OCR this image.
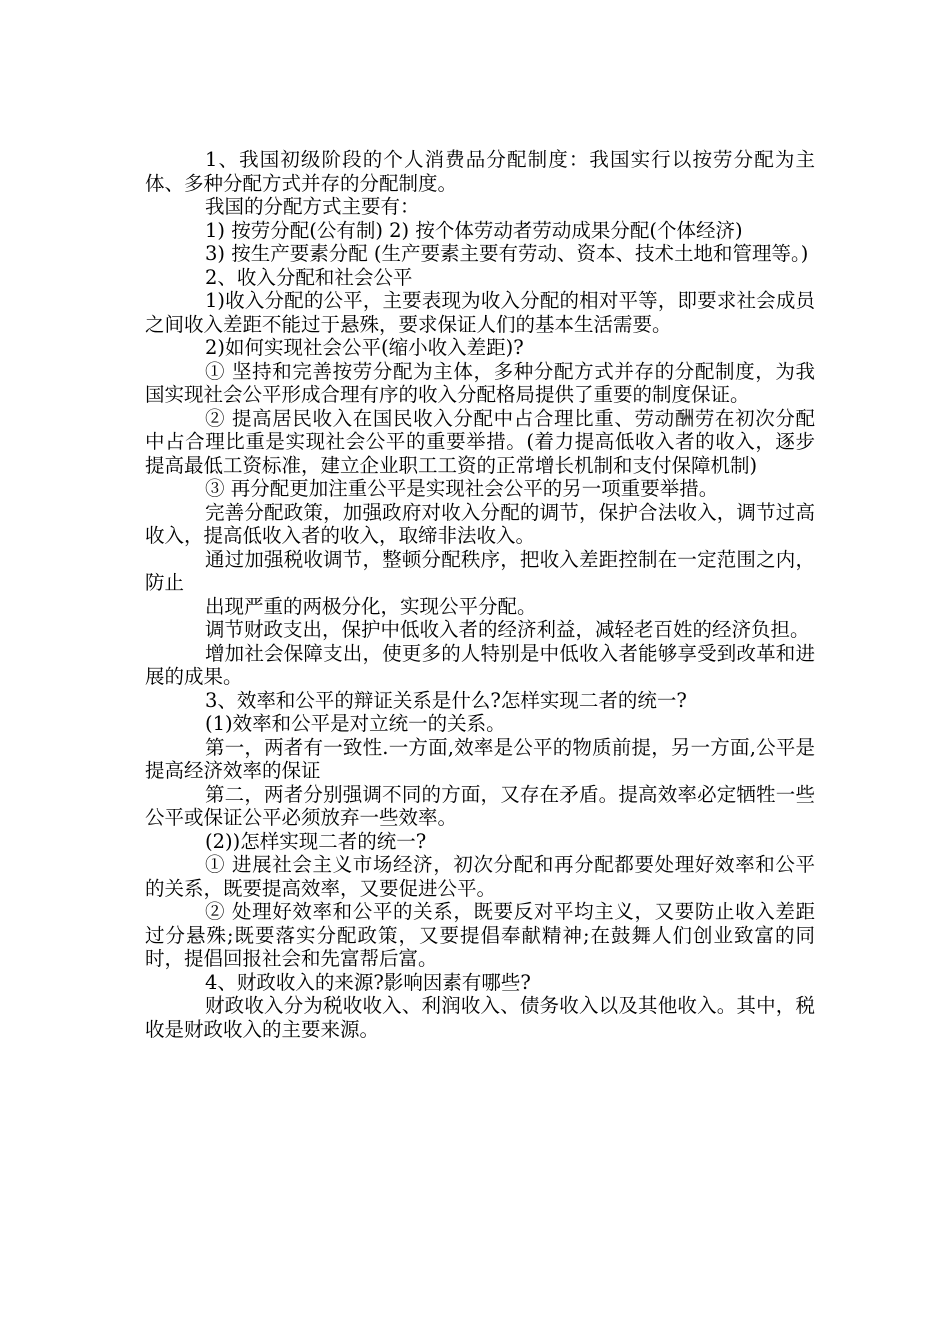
1、我国初级阶段的个人消费品分配制度：我国实行以按劳分配为主体、多种分配方式并存的分配制度。

我国的分配方式主要有：

1) 按劳分配(公有制) 2) 按个体劳动者劳动成果分配(个体经济)

3) 按生产要素分配 (生产要素主要有劳动、资本、技术土地和管理等。)

2、收入分配和社会公平

1)收入分配的公平，主要表现为收入分配的相对平等，即要求社会成员之间收入差距不能过于悬殊，要求保证人们的基本生活需要。

2)如何实现社会公平(缩小收入差距)?

① 坚持和完善按劳分配为主体，多种分配方式并存的分配制度，为我国实现社会公平形成合理有序的收入分配格局提供了重要的制度保证。

② 提高居民收入在国民收入分配中占合理比重、劳动酬劳在初次分配中占合理比重是实现社会公平的重要举措。(着力提高低收入者的收入，逐步提高最低工资标准，建立企业职工工资的正常增长机制和支付保障机制)

③ 再分配更加注重公平是实现社会公平的另一项重要举措。

完善分配政策，加强政府对收入分配的调节，保护合法收入，调节过高收入，提高低收入者的收入，取缔非法收入。

通过加强税收调节，整顿分配秩序，把收入差距控制在一定范围之内，防止

出现严重的两极分化，实现公平分配。

调节财政支出，保护中低收入者的经济利益，减轻老百姓的经济负担。

增加社会保障支出，使更多的人特别是中低收入者能够享受到改革和进展的成果。

3、效率和公平的辩证关系是什么?怎样实现二者的统一?

(1)效率和公平是对立统一的关系。

第一，两者有一致性.一方面,效率是公平的物质前提，另一方面,公平是提高经济效率的保证

第二，两者分别强调不同的方面，又存在矛盾。提高效率必定牺牲一些公平或保证公平必须放弃一些效率。

(2))怎样实现二者的统一?

① 进展社会主义市场经济，初次分配和再分配都要处理好效率和公平的关系，既要提高效率，又要促进公平。

② 处理好效率和公平的关系，既要反对平均主义，又要防止收入差距过分悬殊;既要落实分配政策，又要提倡奉献精神;在鼓舞人们创业致富的同时，提倡回报社会和先富帮后富。

4、财政收入的来源?影响因素有哪些?

财政收入分为税收收入、利润收入、债务收入以及其他收入。其中，税收是财政收入的主要来源。
